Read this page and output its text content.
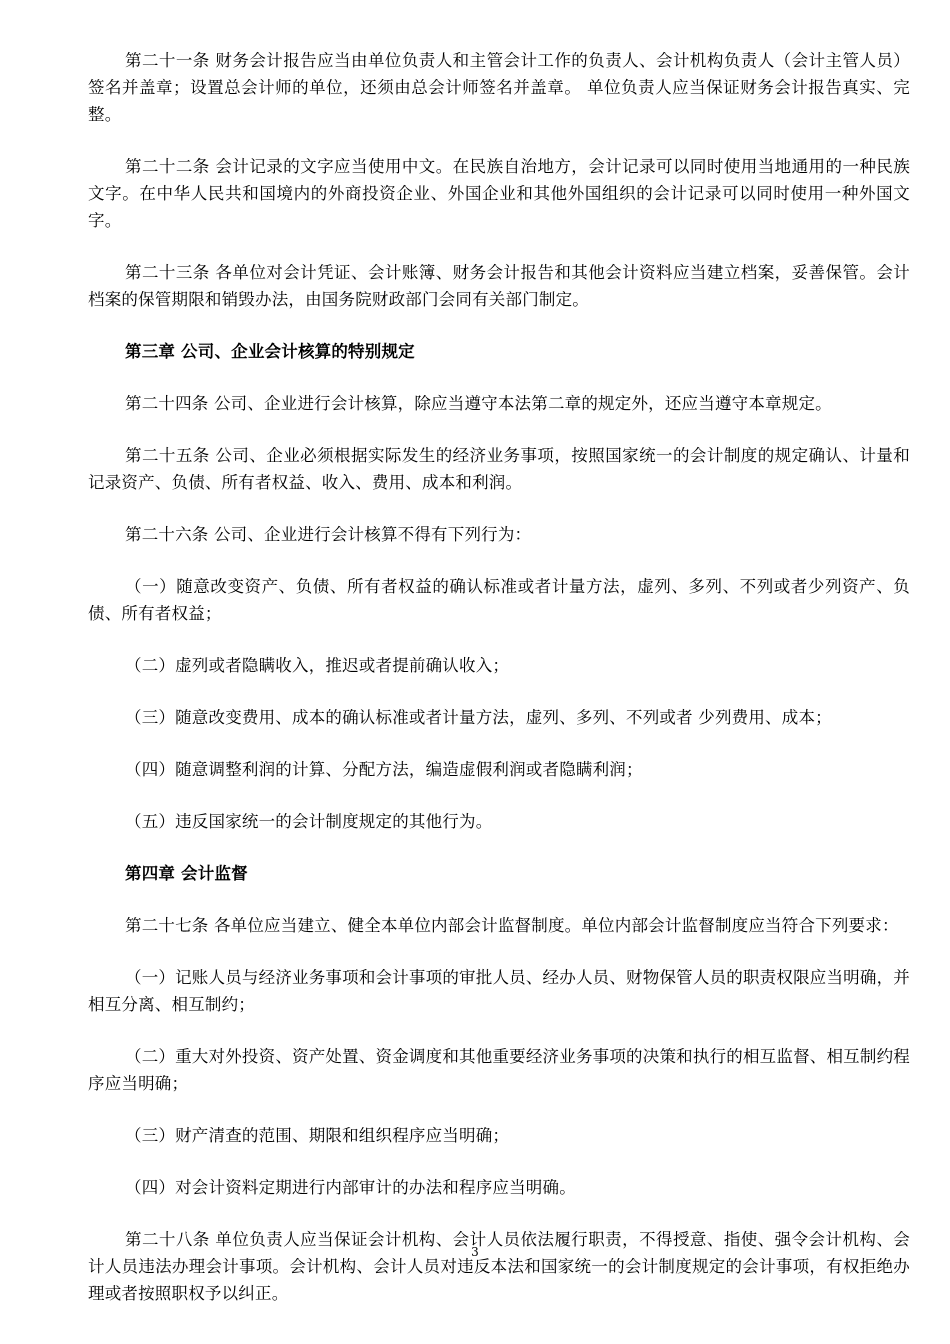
第二十一条 财务会计报告应当由单位负责人和主管会计工作的负责人、会计机构负责人（会计主管人员）签名并盖章；设置总会计师的单位，还须由总会计师签名并盖章。 单位负责人应当保证财务会计报告真实、完整。

第二十二条 会计记录的文字应当使用中文。在民族自治地方，会计记录可以同时使用当地通用的一种民族文字。在中华人民共和国境内的外商投资企业、外国企业和其他外国组织的会计记录可以同时使用一种外国文字。

第二十三条 各单位对会计凭证、会计账簿、财务会计报告和其他会计资料应当建立档案，妥善保管。会计档案的保管期限和销毁办法，由国务院财政部门会同有关部门制定。

第三章 公司、企业会计核算的特别规定

第二十四条 公司、企业进行会计核算，除应当遵守本法第二章的规定外，还应当遵守本章规定。

第二十五条 公司、企业必须根据实际发生的经济业务事项，按照国家统一的会计制度的规定确认、计量和记录资产、负债、所有者权益、收入、费用、成本和利润。

第二十六条 公司、企业进行会计核算不得有下列行为：

（一）随意改变资产、负债、所有者权益的确认标准或者计量方法，虚列、多列、不列或者少列资产、负债、所有者权益；

（二）虚列或者隐瞒收入，推迟或者提前确认收入；

（三）随意改变费用、成本的确认标准或者计量方法，虚列、多列、不列或者 少列费用、成本；

（四）随意调整利润的计算、分配方法，编造虚假利润或者隐瞒利润；

（五）违反国家统一的会计制度规定的其他行为。

第四章 会计监督

第二十七条 各单位应当建立、健全本单位内部会计监督制度。单位内部会计监督制度应当符合下列要求：

（一）记账人员与经济业务事项和会计事项的审批人员、经办人员、财物保管人员的职责权限应当明确，并相互分离、相互制约；

（二）重大对外投资、资产处置、资金调度和其他重要经济业务事项的决策和执行的相互监督、相互制约程序应当明确；

（三）财产清查的范围、期限和组织程序应当明确；

（四）对会计资料定期进行内部审计的办法和程序应当明确。

第二十八条 单位负责人应当保证会计机构、会计人员依法履行职责，不得授意、指使、强令会计机构、会计人员违法办理会计事项。会计机构、会计人员对违反本法和国家统一的会计制度规定的会计事项，有权拒绝办理或者按照职权予以纠正。

3
